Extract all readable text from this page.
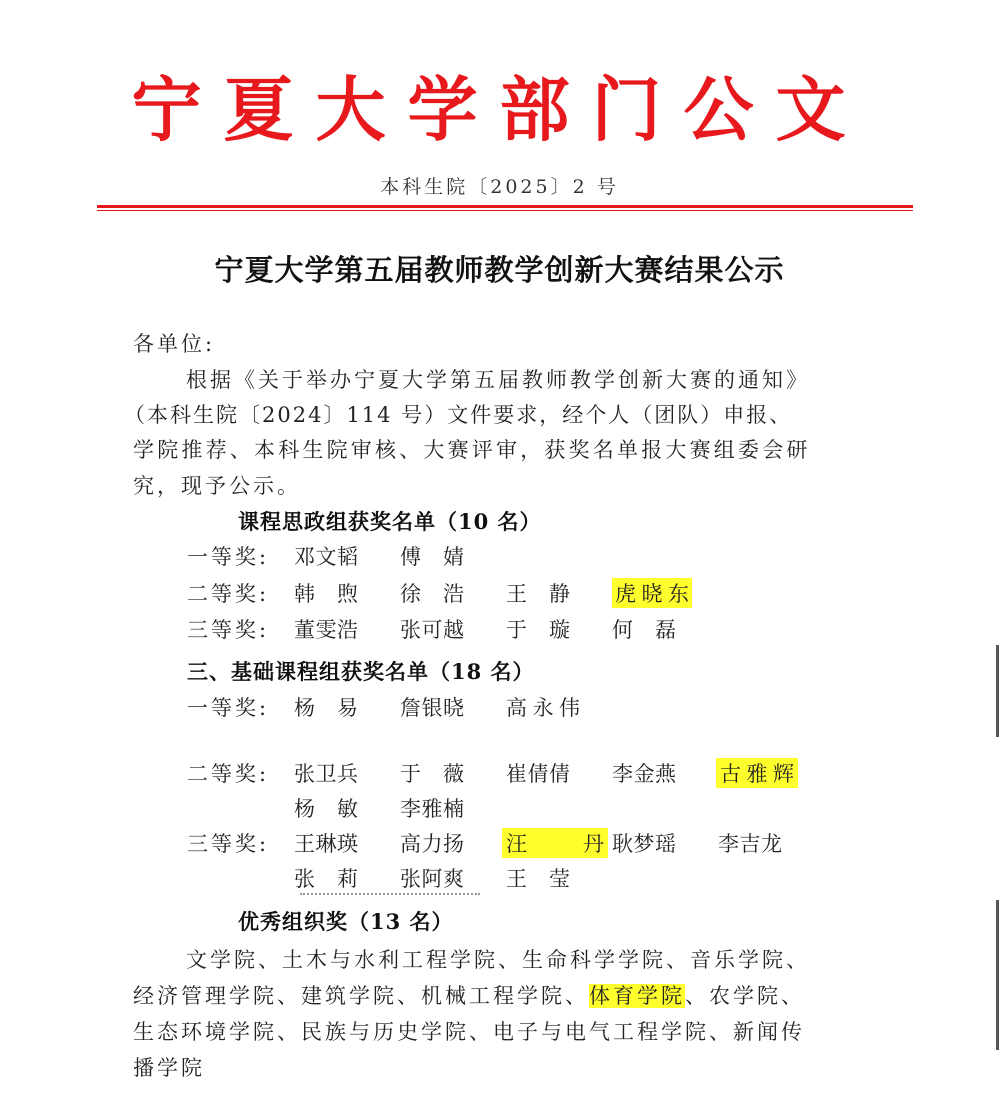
宁夏大学部门公文
本科生院〔2025〕2 号
宁夏大学第五届教师教学创新大赛结果公示
各单位:
根据《关于举办宁夏大学第五届教师教学创新大赛的通知》
（本科生院〔2024〕114 号）文件要求，经个人（团队）申报、
学院推荐、本科生院审核、大赛评审，获奖名单报大赛组委会研
究，现予公示。
课程思政组获奖名单（10 名）
一等奖: 邓文韬 傅 婧
二等奖: 韩 煦 徐 浩 王 静 虎晓东
三等奖: 董雯浩 张可越 于 璇 何 磊
三、基础课程组获奖名单（18 名）
一等奖: 杨 易 詹银晓 高永伟
二等奖: 张卫兵 于 薇 崔倩倩 李金燕 古雅辉
杨 敏 李雅楠
三等奖: 王琳瑛 高力扬 汪 丹 耿梦瑶 李吉龙
张 莉 张阿爽 王 莹
优秀组织奖（13 名）
文学院、土木与水利工程学院、生命科学学院、音乐学院、
经济管理学院、建筑学院、机械工程学院、体育学院、农学院、
生态环境学院、民族与历史学院、电子与电气工程学院、新闻传
播学院
